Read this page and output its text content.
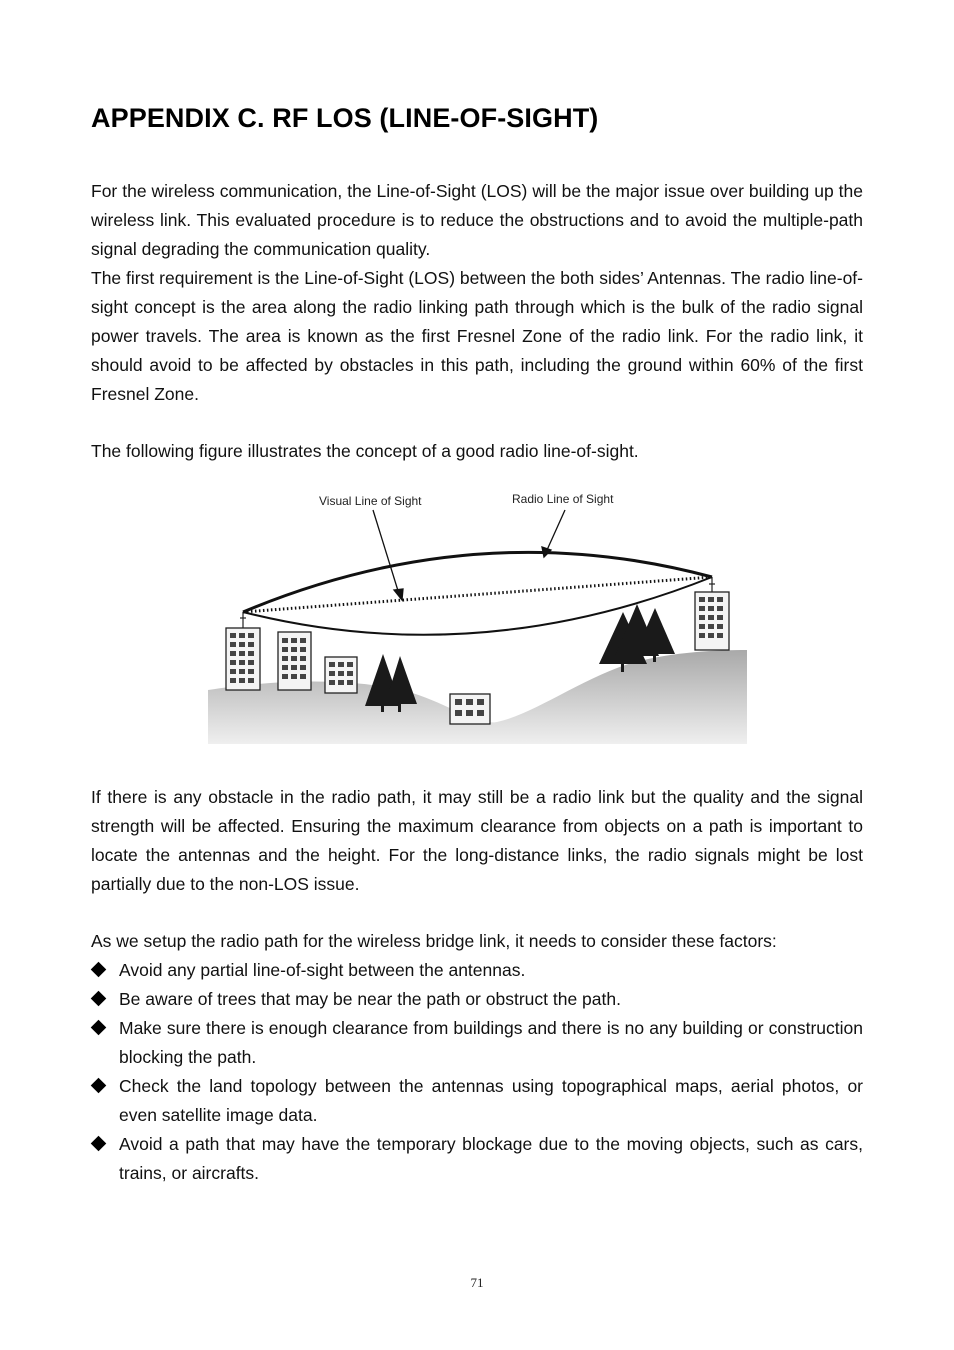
APPENDIX C. RF LOS (LINE-OF-SIGHT)

For the wireless communication, the Line-of-Sight (LOS) will be the major issue over building up the wireless link. This evaluated procedure is to reduce the obstructions and to avoid the multiple-path signal degrading the communication quality.

The first requirement is the Line-of-Sight (LOS) between the both sides’ Antennas. The radio line-of-sight concept is the area along the radio linking path through which is the bulk of the radio signal power travels. The area is known as the first Fresnel Zone of the radio link. For the radio link, it should avoid to be affected by obstacles in this path, including the ground within 60% of the first Fresnel Zone.

The following figure illustrates the concept of a good radio line-of-sight.

Visual Line of Sight	Radio Line of Sight

If there is any obstacle in the radio path, it may still be a radio link but the quality and the signal strength will be affected. Ensuring the maximum clearance from objects on a path is important to locate the antennas and the height. For the long-distance links, the radio signals might be lost partially due to the non-LOS issue.

As we setup the radio path for the wireless bridge link, it needs to consider these factors:

Avoid any partial line-of-sight between the antennas.
Be aware of trees that may be near the path or obstruct the path.
Make sure there is enough clearance from buildings and there is no any building or construction blocking the path.
Check the land topology between the antennas using topographical maps, aerial photos, or even satellite image data.
Avoid a path that may have the temporary blockage due to the moving objects, such as cars, trains, or aircrafts.
71
